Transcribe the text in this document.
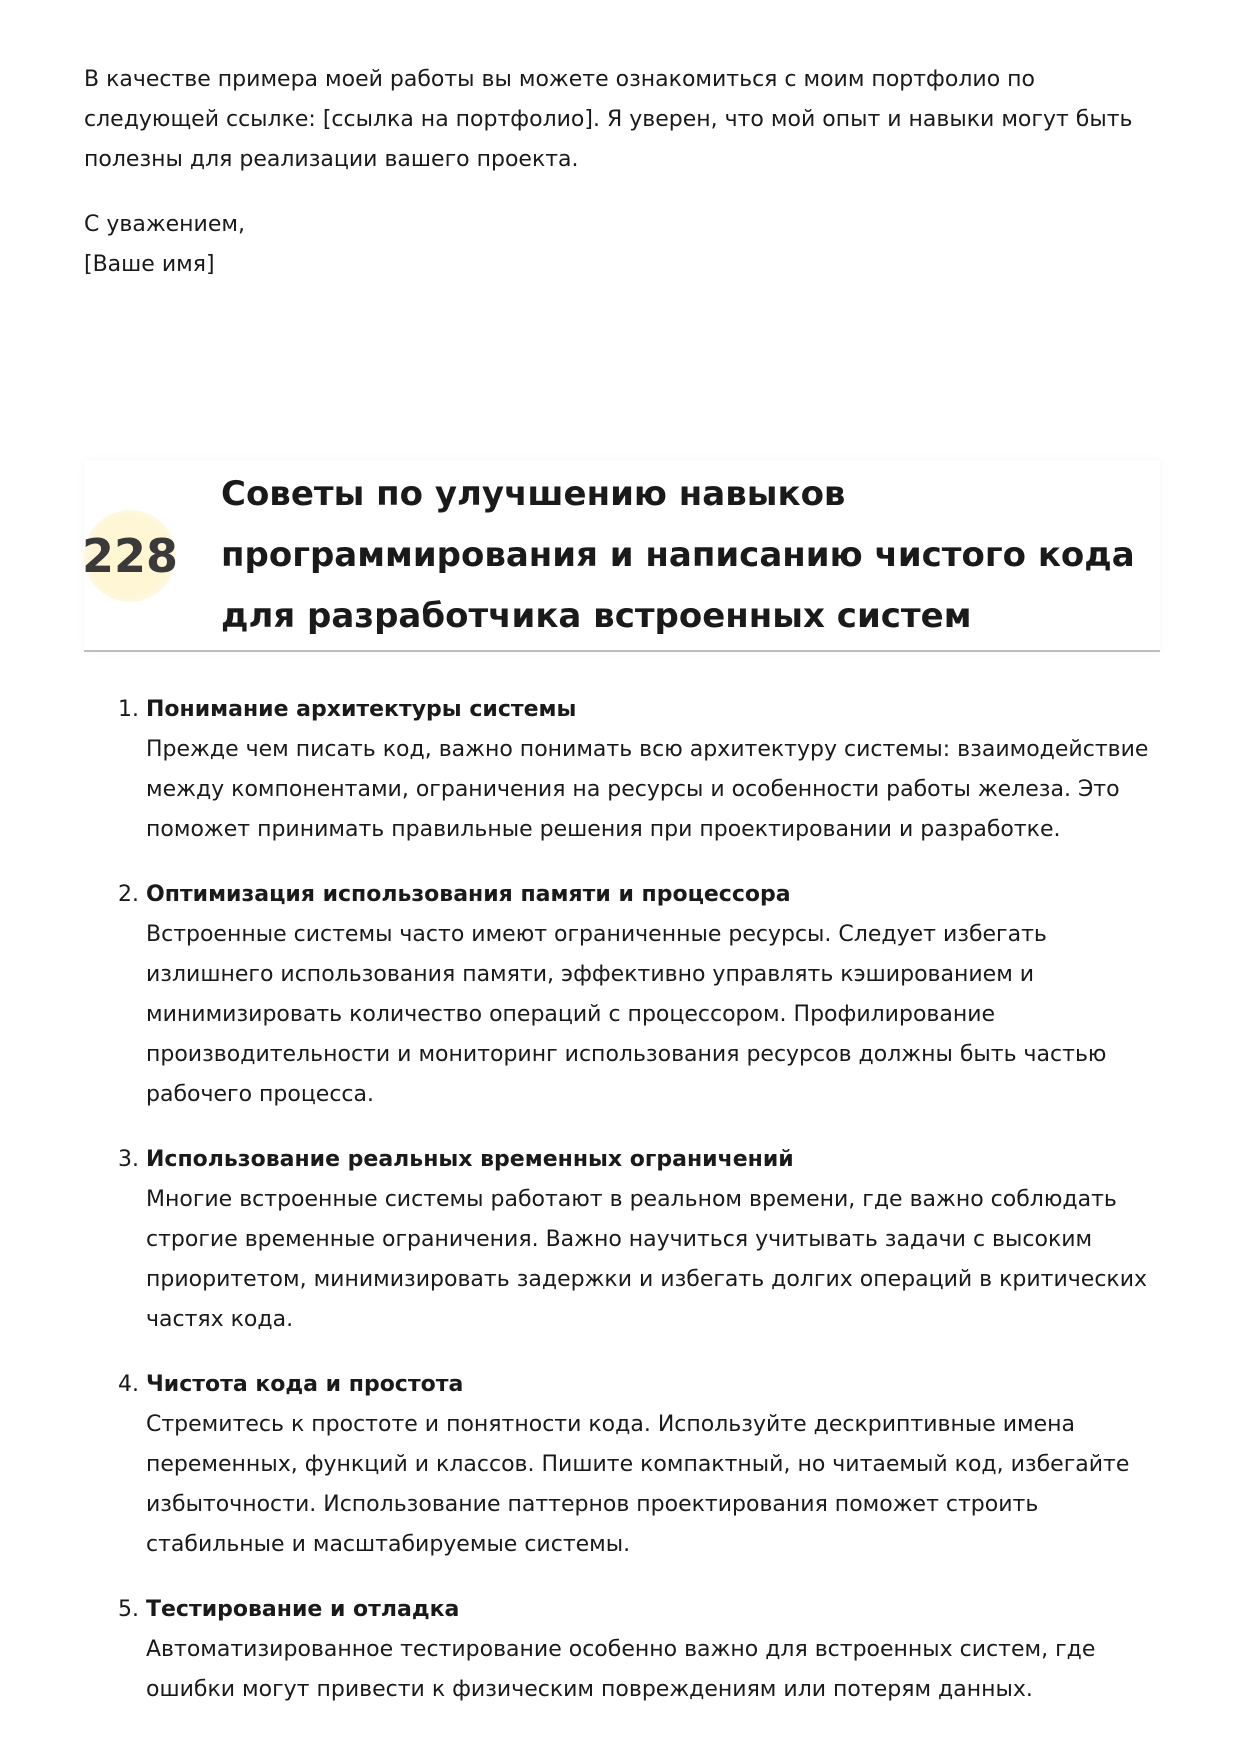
В качестве примера моей работы вы можете ознакомиться с моим портфолио по следующей ссылке: [ссылка на портфолио]. Я уверен, что мой опыт и навыки могут быть полезны для реализации вашего проекта.

С уважением,
[Ваше имя]

228
Советы по улучшению навыков программирования и написанию чистого кода для разработчика встроенных систем
1. Понимание архитектуры системы
Прежде чем писать код, важно понимать всю архитектуру системы: взаимодействие между компонентами, ограничения на ресурсы и особенности работы железа. Это поможет принимать правильные решения при проектировании и разработке.
2. Оптимизация использования памяти и процессора
Встроенные системы часто имеют ограниченные ресурсы. Следует избегать излишнего использования памяти, эффективно управлять кэшированием и минимизировать количество операций с процессором. Профилирование производительности и мониторинг использования ресурсов должны быть частью рабочего процесса.
3. Использование реальных временных ограничений
Многие встроенные системы работают в реальном времени, где важно соблюдать строгие временные ограничения. Важно научиться учитывать задачи с высоким приоритетом, минимизировать задержки и избегать долгих операций в критических частях кода.
4. Чистота кода и простота
Стремитесь к простоте и понятности кода. Используйте дескриптивные имена переменных, функций и классов. Пишите компактный, но читаемый код, избегайте избыточности. Использование паттернов проектирования поможет строить стабильные и масштабируемые системы.
5. Тестирование и отладка
Автоматизированное тестирование особенно важно для встроенных систем, где ошибки могут привести к физическим повреждениям или потерям данных.
